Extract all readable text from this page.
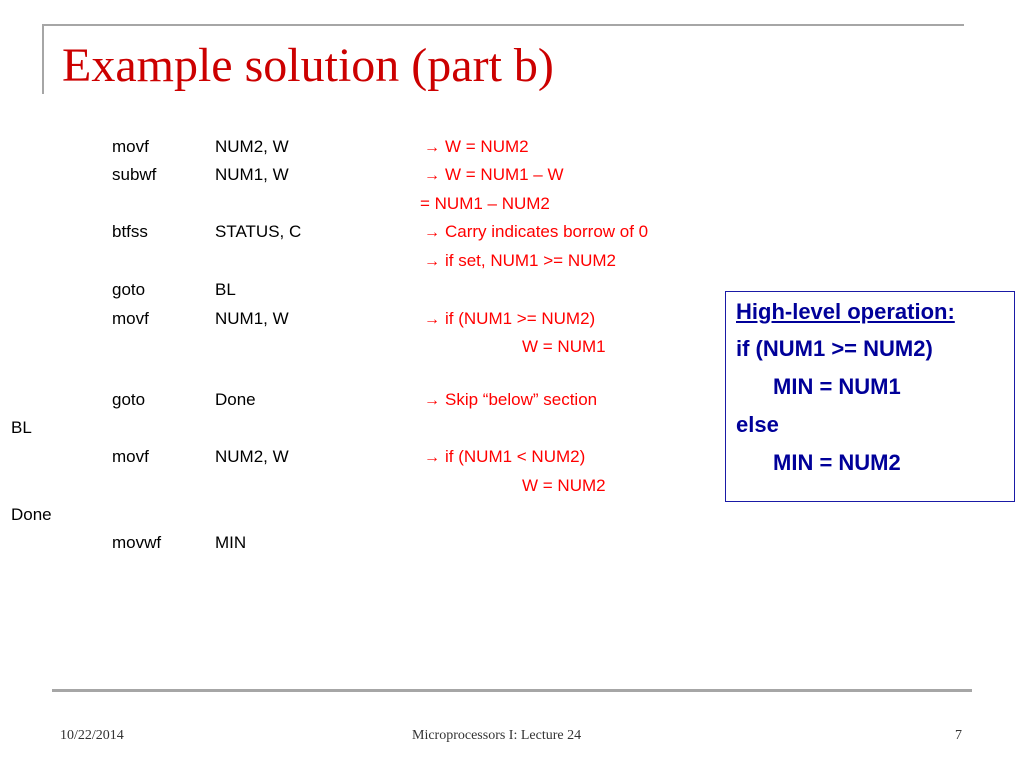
Example solution (part b)
movf	NUM2, W	→ W = NUM2
subwf	NUM1, W	→ W = NUM1 – W
= NUM1 – NUM2
btfss	STATUS, C	→ Carry indicates borrow of 0
→ if set, NUM1 >= NUM2
goto	BL
movf	NUM1, W	→ if (NUM1 >= NUM2)
W = NUM1
goto	Done	→ Skip “below” section
BL
movf	NUM2, W	→ if (NUM1 < NUM2)
W = NUM2
Done
movwf	MIN
High-level operation:
if (NUM1 >= NUM2)
MIN = NUM1
else
MIN = NUM2
10/22/2014	Microprocessors I: Lecture 24	7
